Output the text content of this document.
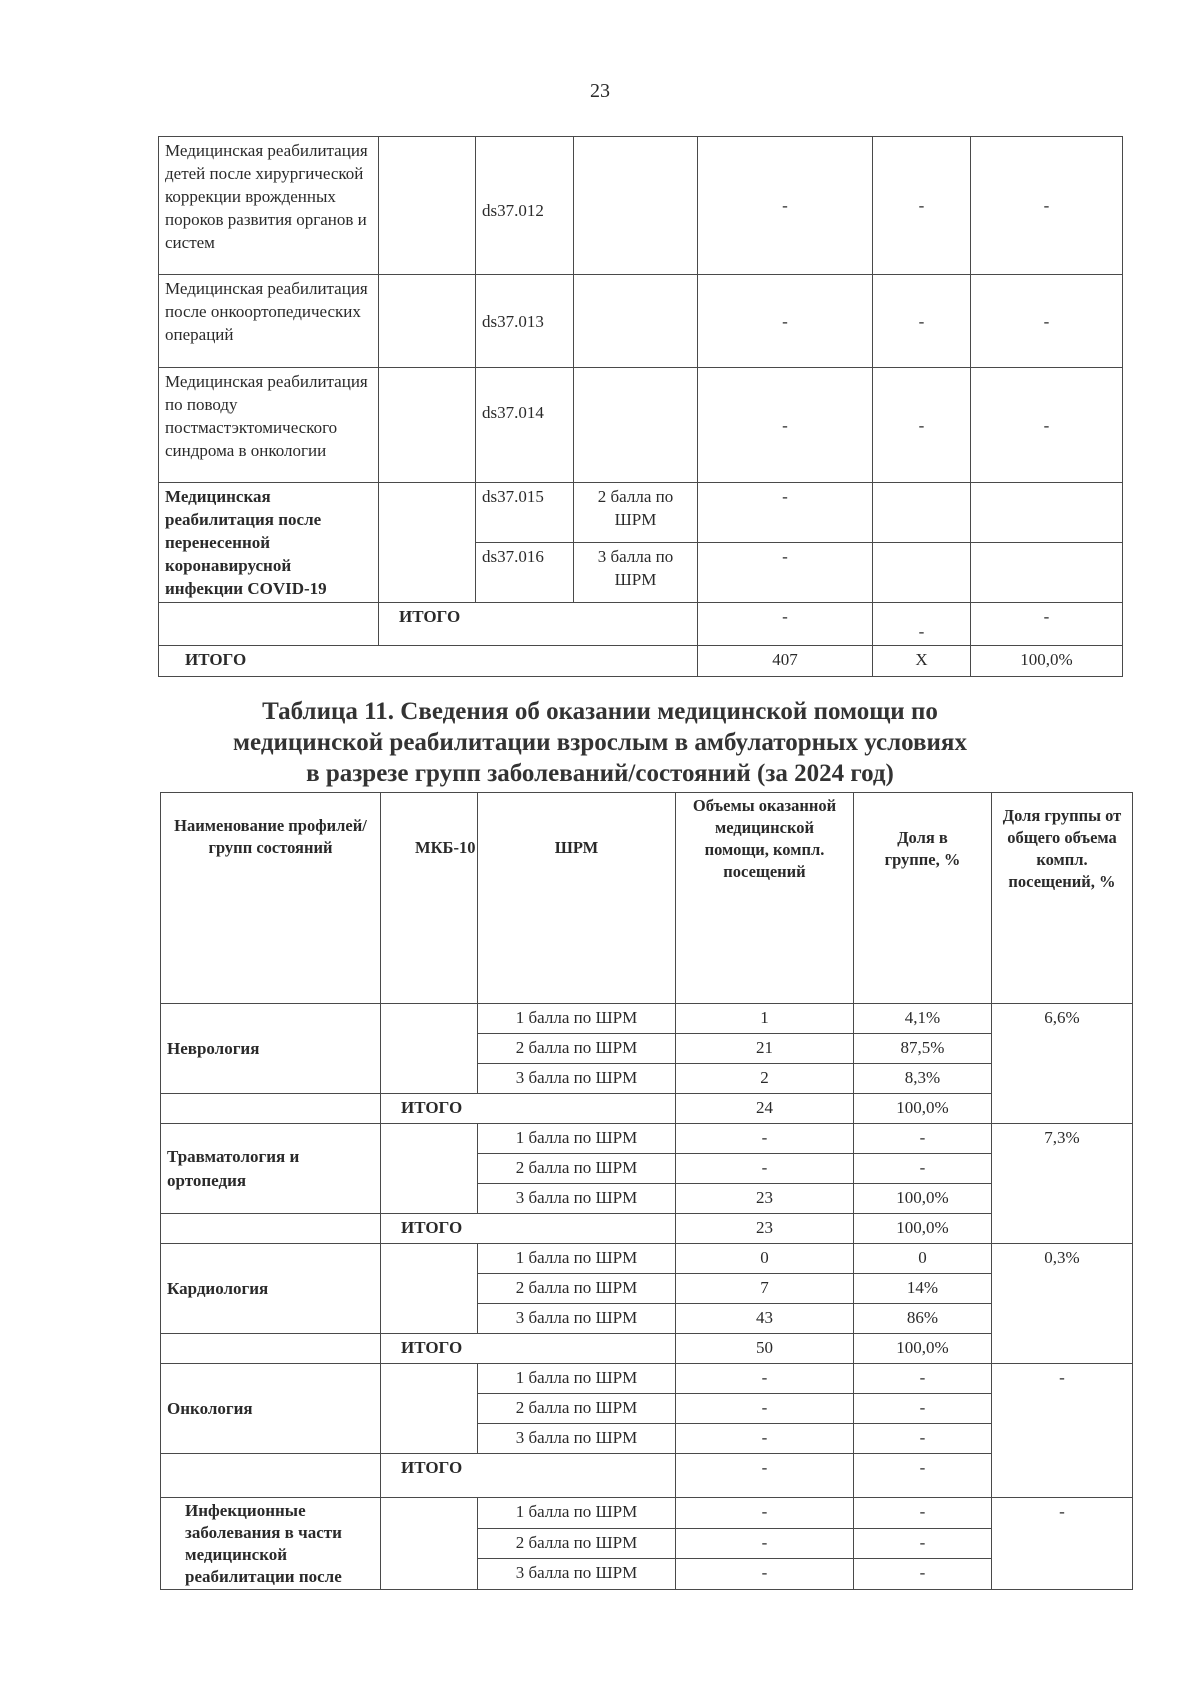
23
Медицинская реабилитация детей после хирургической коррекции врожденных пороков развития органов и систем		ds37.012		-	-	-
Медицинская реабилитация после онкоортопедических операций		ds37.013		-	-	-
Медицинская реабилитация по поводу постмастэктомического синдрома в онкологии		ds37.014		-	-	-
Медицинская реабилитация после перенесенной коронавирусной инфекции COVID-19		ds37.015	2 балла по ШРМ	-		
		ds37.016	3 балла по ШРМ	-		
	ИТОГО			-	-	-
ИТОГО				407	Х	100,0%
Таблица 11. Сведения об оказании медицинской помощи по
медицинской реабилитации взрослым в амбулаторных условиях
в разрезе групп заболеваний/состояний (за 2024 год)
Наименование профилей/групп состояний	МКБ-10	ШРМ	Объемы оказанной медицинской помощи, компл. посещений	Доля в группе, %	Доля группы от общего объема компл. посещений, %
Неврология		1 балла по ШРМ	1	4,1%	6,6%
		2 балла по ШРМ	21	87,5%	
		3 балла по ШРМ	2	8,3%	
	ИТОГО		24	100,0%	
Травматология и ортопедия		1 балла по ШРМ	-	-	7,3%
		2 балла по ШРМ	-	-	
		3 балла по ШРМ	23	100,0%	
	ИТОГО		23	100,0%	
Кардиология		1 балла по ШРМ	0	0	0,3%
		2 балла по ШРМ	7	14%	
		3 балла по ШРМ	43	86%	
	ИТОГО		50	100,0%	
Онкология		1 балла по ШРМ	-	-	-
		2 балла по ШРМ	-	-	
		3 балла по ШРМ	-	-	
	ИТОГО		-	-	
Инфекционные заболевания в части медицинской реабилитации после		1 балла по ШРМ	-	-	-
		2 балла по ШРМ	-	-	
		3 балла по ШРМ	-	-	
